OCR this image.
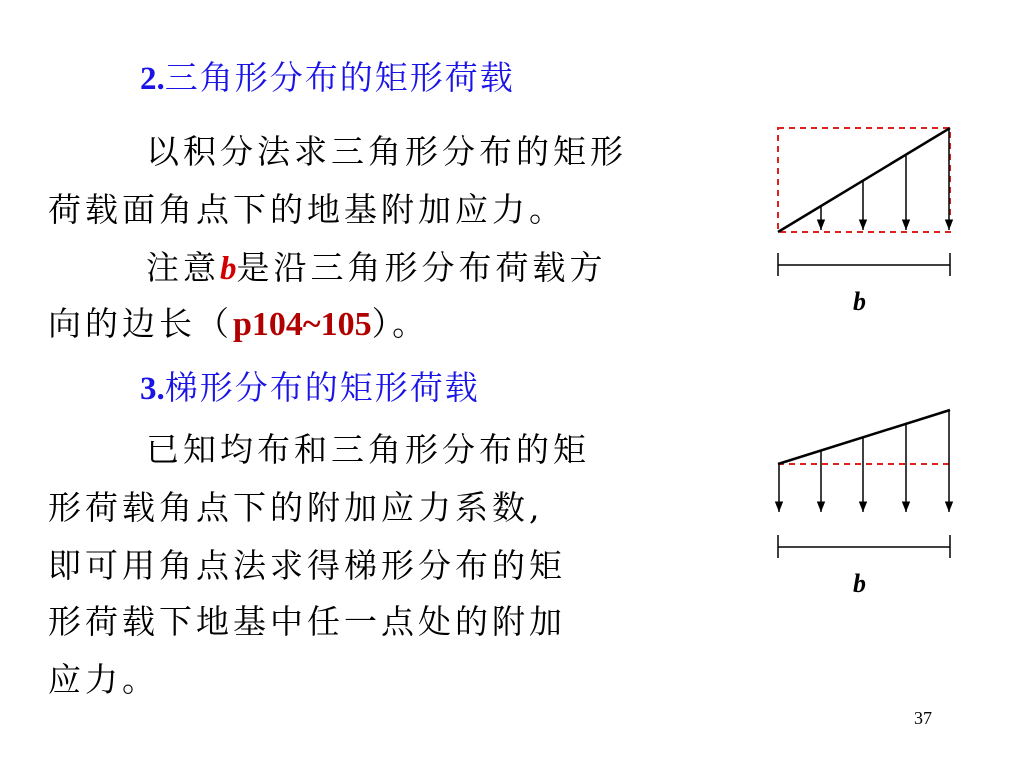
2.三角形分布的矩形荷载
以积分法求三角形分布的矩形
荷载面角点下的地基附加应力。
注意b是沿三角形分布荷载方
向的边长（p104~105）。
3.梯形分布的矩形荷载
已知均布和三角形分布的矩
形荷载角点下的附加应力系数,
即可用角点法求得梯形分布的矩
形荷载下地基中任一点处的附加
应力。
b
b
37
